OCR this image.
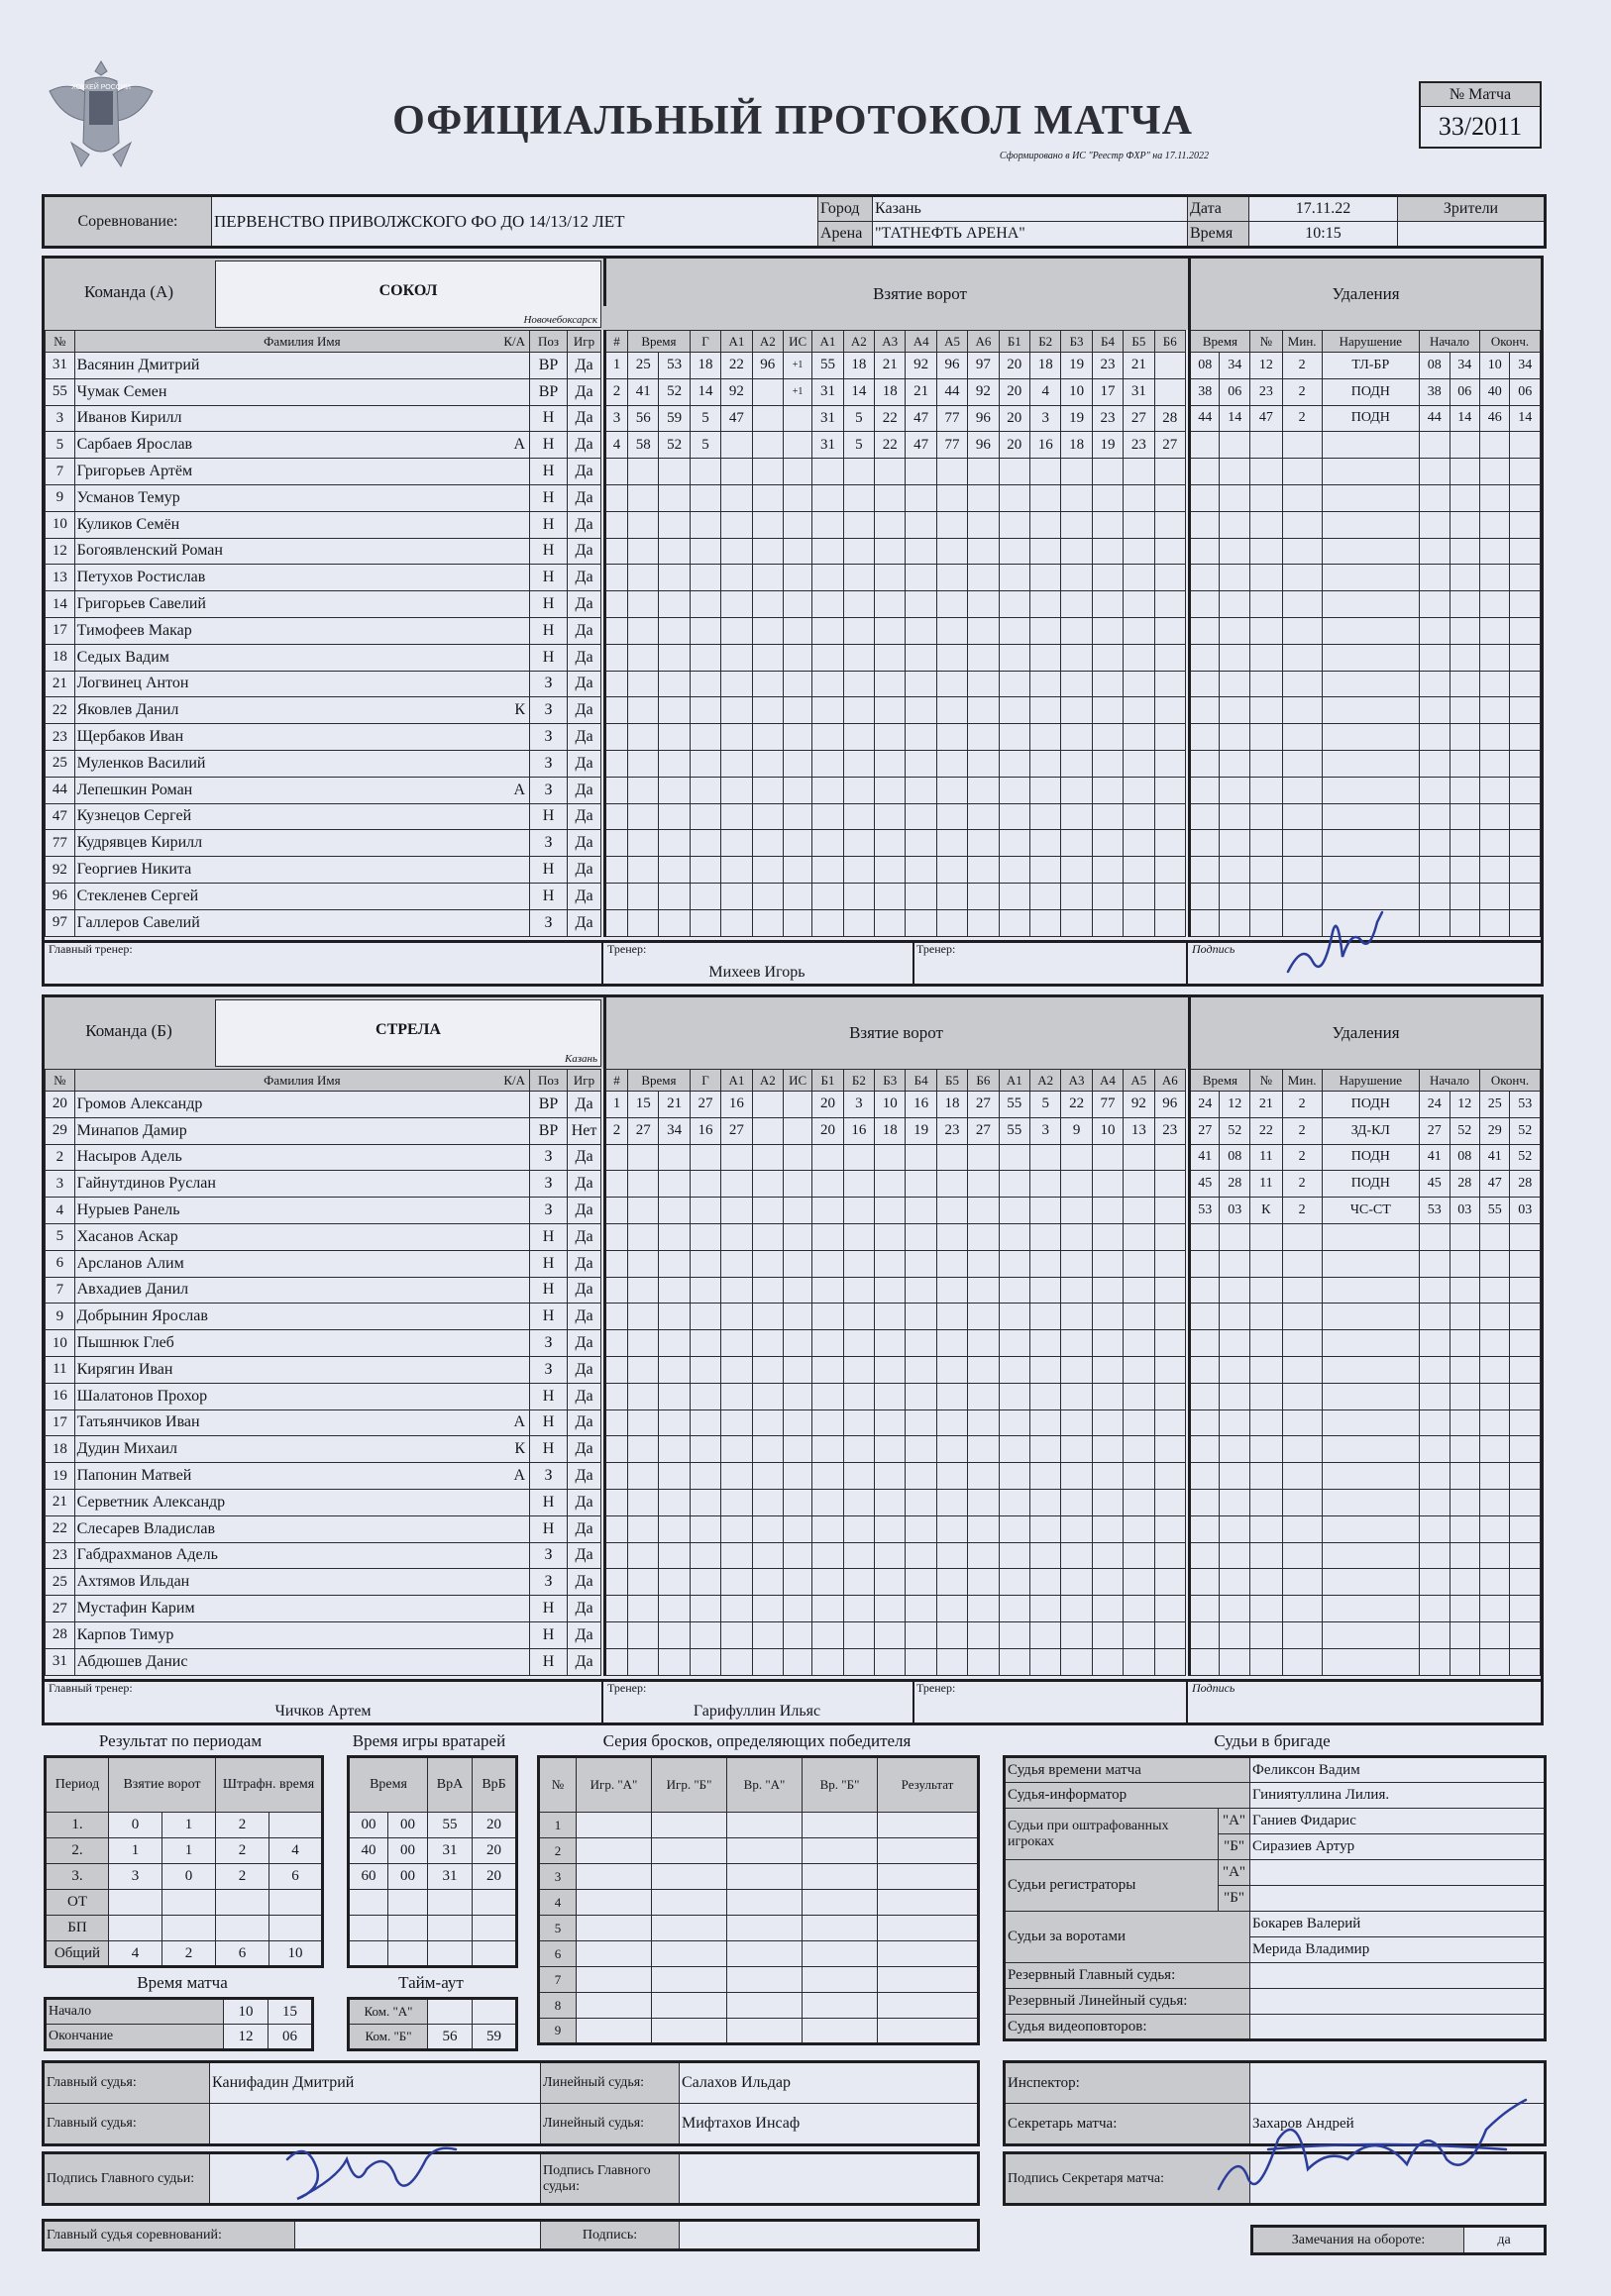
ХОККЕЙ РОССИИ
ОФИЦИАЛЬНЫЙ ПРОТОКОЛ МАТЧА
Сформировано в ИС "Реестр ФХР" на 17.11.2022
№ Матча
33/2011
Соревнование:	ПЕРВЕНСТВО ПРИВОЛЖСКОГО ФО ДО 14/13/12 ЛЕТ	Город	Казань	Дата	17.11.22	Зрители
		Арена	"ТАТНЕФТЬ АРЕНА"	Время	10:15	
Команда (А)	СОКОЛ
Новочебоксарск
Взятие ворот	Удаления
№	Фамилия Имя К/А	Поз	Игр
31	Васянин Дмитрий	ВР	Да
55	Чумак Семен	ВР	Да
3	Иванов Кирилл	Н	Да
5	Сарбаев Ярослав А	Н	Да
7	Григорьев Артём	Н	Да
9	Усманов Темур	Н	Да
10	Куликов Семён	Н	Да
12	Богоявленский Роман	Н	Да
13	Петухов Ростислав	Н	Да
14	Григорьев Савелий	Н	Да
17	Тимофеев Макар	Н	Да
18	Седых Вадим	Н	Да
21	Логвинец Антон	З	Да
22	Яковлев Данил К	З	Да
23	Щербаков Иван	З	Да
25	Муленков Василий	З	Да
44	Лепешкин Роман А	З	Да
47	Кузнецов Сергей	Н	Да
77	Кудрявцев Кирилл	З	Да
92	Георгиев Никита	Н	Да
96	Стекленев Сергей	Н	Да
97	Галлеров Савелий	З	Да
#	Время		Г	А1	А2	ИС	А1	А2	А3	А4	А5	А6	Б1	Б2	Б3	Б4	Б5	Б6
1	25	53	18	22	96	+1	55	18	21	92	96	97	20	18	19	23	21	
2	41	52	14	92		+1	31	14	18	21	44	92	20	4	10	17	31	
3	56	59	5	47			31	5	22	47	77	96	20	3	19	23	27	28
4	58	52	5				31	5	22	47	77	96	20	16	18	19	23	27

Время		№	Мин.	Нарушение	Начало		Оконч.	
08	34	12	2	ТЛ-БР	08	34	10	34
38	06	23	2	ПОДН	38	06	40	06
44	14	47	2	ПОДН	44	14	46	14

Главный тренер:	Тренер:
Михеев Игорь
Тренер:	Подпись
Команда (Б)	СТРЕЛА
Казань
Взятие ворот	Удаления
№	Фамилия Имя К/А	Поз	Игр
20	Громов Александр	ВР	Да
29	Минапов Дамир	ВР	Нет
2	Насыров Адель	З	Да
3	Гайнутдинов Руслан	З	Да
4	Нурыев Ранель	З	Да
5	Хасанов Аскар	Н	Да
6	Арсланов Алим	Н	Да
7	Авхадиев Данил	Н	Да
9	Добрынин Ярослав	Н	Да
10	Пышнюк Глеб	З	Да
11	Кирягин Иван	З	Да
16	Шалатонов Прохор	Н	Да
17	Татьянчиков Иван А	Н	Да
18	Дудин Михаил К	Н	Да
19	Папонин Матвей А	З	Да
21	Серветник Александр	Н	Да
22	Слесарев Владислав	Н	Да
23	Габдрахманов Адель	З	Да
25	Ахтямов Ильдан	З	Да
27	Мустафин Карим	Н	Да
28	Карпов Тимур	Н	Да
31	Абдюшев Данис	Н	Да
#	Время		Г	А1	А2	ИС	Б1	Б2	Б3	Б4	Б5	Б6	А1	А2	А3	А4	А5	А6
1	15	21	27	16			20	3	10	16	18	27	55	5	22	77	92	96
2	27	34	16	27			20	16	18	19	23	27	55	3	9	10	13	23

Время		№	Мин.	Нарушение	Начало		Оконч.	
24	12	21	2	ПОДН	24	12	25	53
27	52	22	2	ЗД-КЛ	27	52	29	52
41	08	11	2	ПОДН	41	08	41	52
45	28	11	2	ПОДН	45	28	47	28
53	03	К	2	ЧС-СТ	53	03	55	03

Главный тренер:
Чичков Артем
Тренер:
Гарифуллин Ильяс
Тренер:	Подпись
Результат по периодам
Период	Взятие ворот		Штрафн. время	
1.	0	1	2	
2.	1	1	2	4
3.	3	0	2	6
ОТ				
БП				
Общий	4	2	6	10
Время игры вратарей
Время		ВрА	ВрБ
00	00	55	20
40	00	31	20
60	00	31	20

Время матча
Начало	10	15
Окончание	12	06
Тайм-аут
Ком. "А"		
Ком. "Б"	56	59
Серия бросков, определяющих победителя
№	Игр. "А"	Игр. "Б"	Вр. "А"	Вр. "Б"	Результат
1					
2					
3					
4					
5					
6					
7					
8					
9					
Судьи в бригаде
Судья времени матча		Феликсон Вадим
Судья-информатор		Гиниятуллина Лилия.
Судьи при оштрафованных игроках	"А"	Ганиев Фидарис
	"Б"	Сиразиев Артур
Судьи регистраторы	"А"	
	"Б"	
Судьи за воротами		Бокарев Валерий
		Мерида Владимир
Резервный Главный судья:		
Резервный Линейный судья:		
Судья видеоповторов:		
Главный судья:	Канифадин Дмитрий	Линейный судья:	Салахов Ильдар
Главный судья:		Линейный судья:	Мифтахов Инсаф
Подпись Главного судьи:		Подпись Главного судьи:	
Главный судья соревнований:		Подпись:	
Инспектор:	
Секретарь матча:	Захаров Андрей
Подпись Секретаря матча:	
Замечания на обороте:	да
